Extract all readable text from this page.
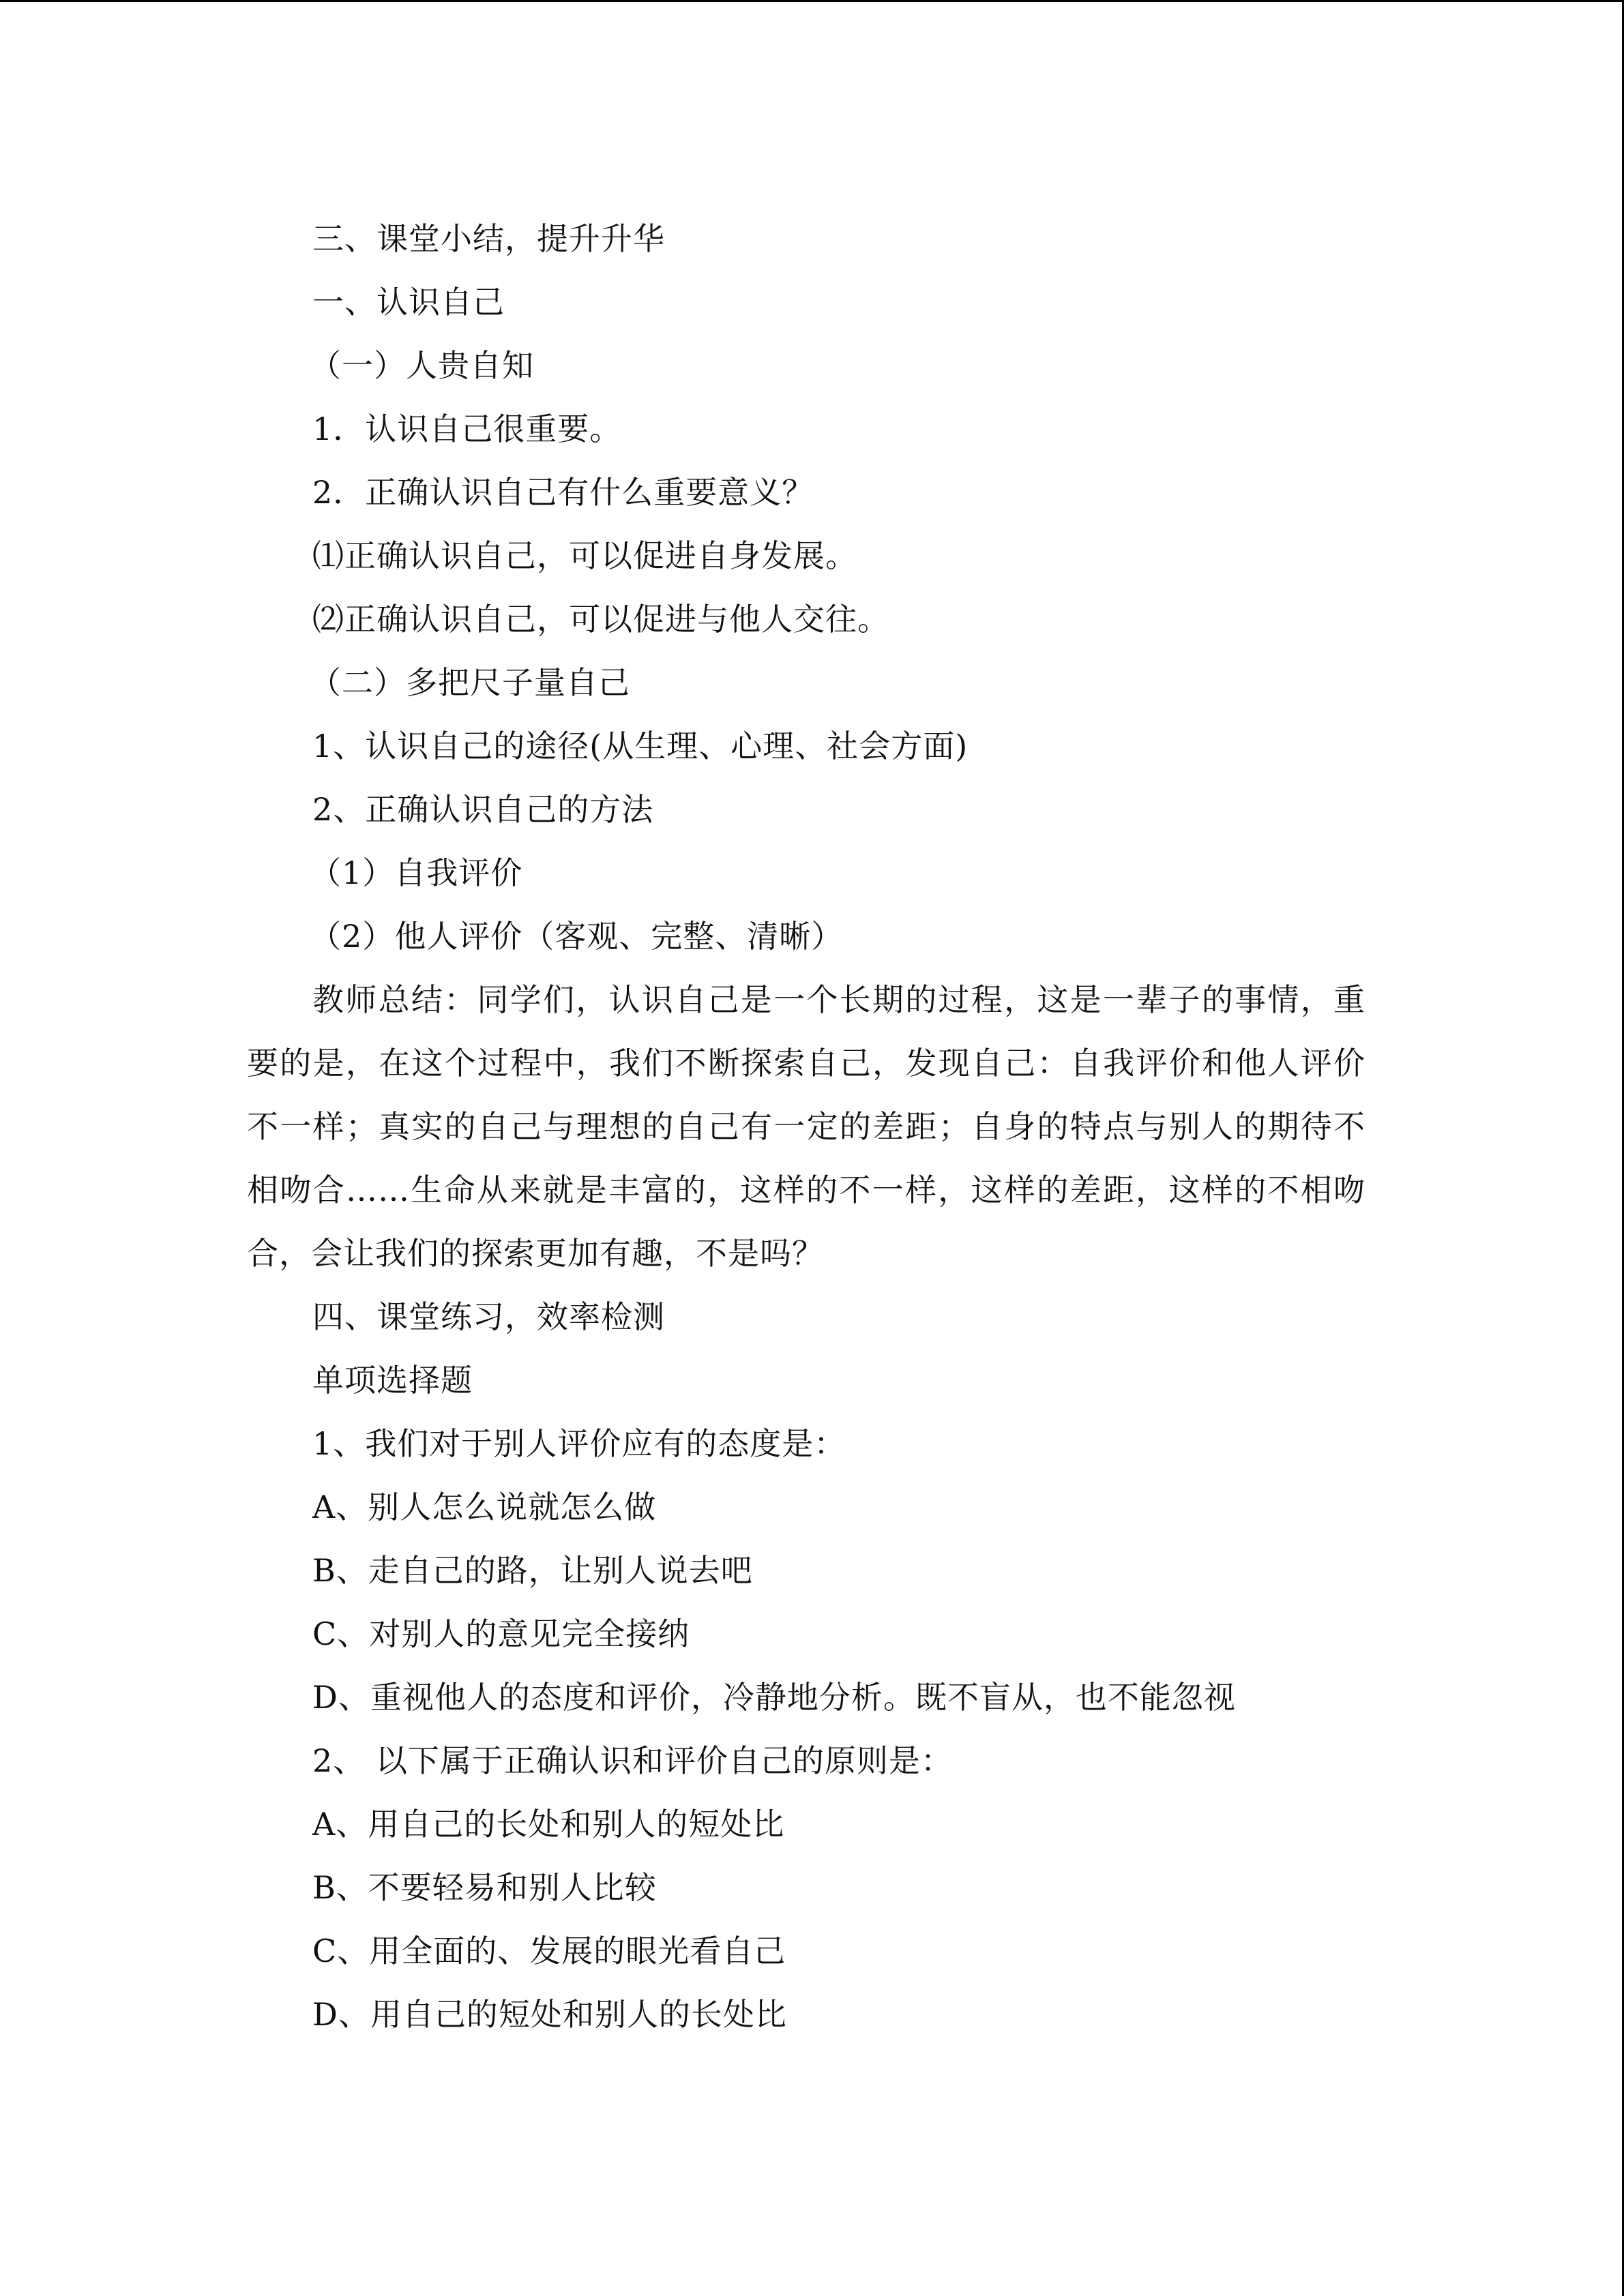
三、课堂小结，提升升华
一、认识自己
（一）人贵自知
1．认识自己很重要。
2．正确认识自己有什么重要意义？
⑴正确认识自己，可以促进自身发展。
⑵正确认识自己，可以促进与他人交往。
（二）多把尺子量自己
1、认识自己的途径(从生理、心理、社会方面)
2、正确认识自己的方法
（1）自我评价
（2）他人评价（客观、完整、清晰）
教师总结：同学们，认识自己是一个长期的过程，这是一辈子的事情，重要的是，在这个过程中，我们不断探索自己，发现自己：自我评价和他人评价不一样；真实的自己与理想的自己有一定的差距；自身的特点与别人的期待不相吻合……生命从来就是丰富的，这样的不一样，这样的差距，这样的不相吻合，会让我们的探索更加有趣，不是吗？
四、课堂练习，效率检测
单项选择题
1、我们对于别人评价应有的态度是：
A、别人怎么说就怎么做
B、走自己的路，让别人说去吧
C、对别人的意见完全接纳
D、重视他人的态度和评价，冷静地分析。既不盲从，也不能忽视
2、 以下属于正确认识和评价自己的原则是：
A、用自己的长处和别人的短处比
B、不要轻易和别人比较
C、用全面的、发展的眼光看自己
D、用自己的短处和别人的长处比
